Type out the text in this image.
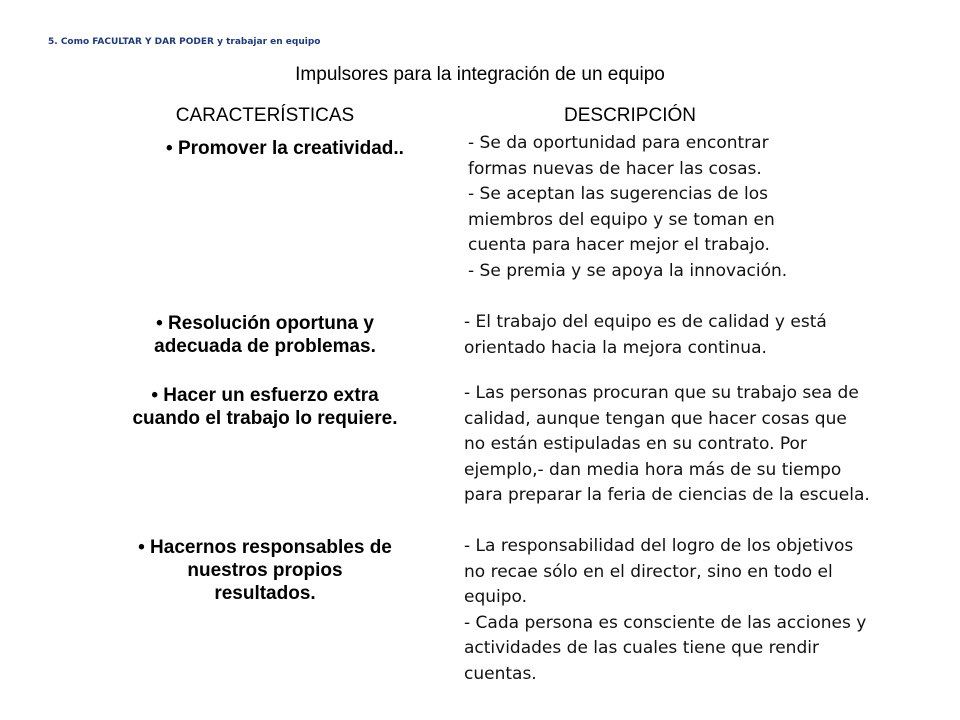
5. Como FACULTAR Y DAR PODER y trabajar en equipo
Impulsores para la integración de un equipo
CARACTERÍSTICAS	DESCRIPCIÓN
• Promover la creatividad..	- Se da oportunidad para encontrar
formas nuevas de hacer las cosas.
- Se aceptan las sugerencias de los
miembros del equipo y se toman en
cuenta para hacer mejor el trabajo.
- Se premia y se apoya la innovación.
• Resolución oportuna y
adecuada de problemas.
- El trabajo del equipo es de calidad y está
orientado hacia la mejora continua.
• Hacer un esfuerzo extra
cuando el trabajo lo requiere.
- Las personas procuran que su trabajo sea de
calidad, aunque tengan que hacer cosas que
no están estipuladas en su contrato. Por
ejemplo,- dan media hora más de su tiempo
para preparar la feria de ciencias de la escuela.
• Hacernos responsables de
nuestros propios
resultados.
- La responsabilidad del logro de los objetivos
no recae sólo en el director, sino en todo el
equipo.
- Cada persona es consciente de las acciones y
actividades de las cuales tiene que rendir
cuentas.
